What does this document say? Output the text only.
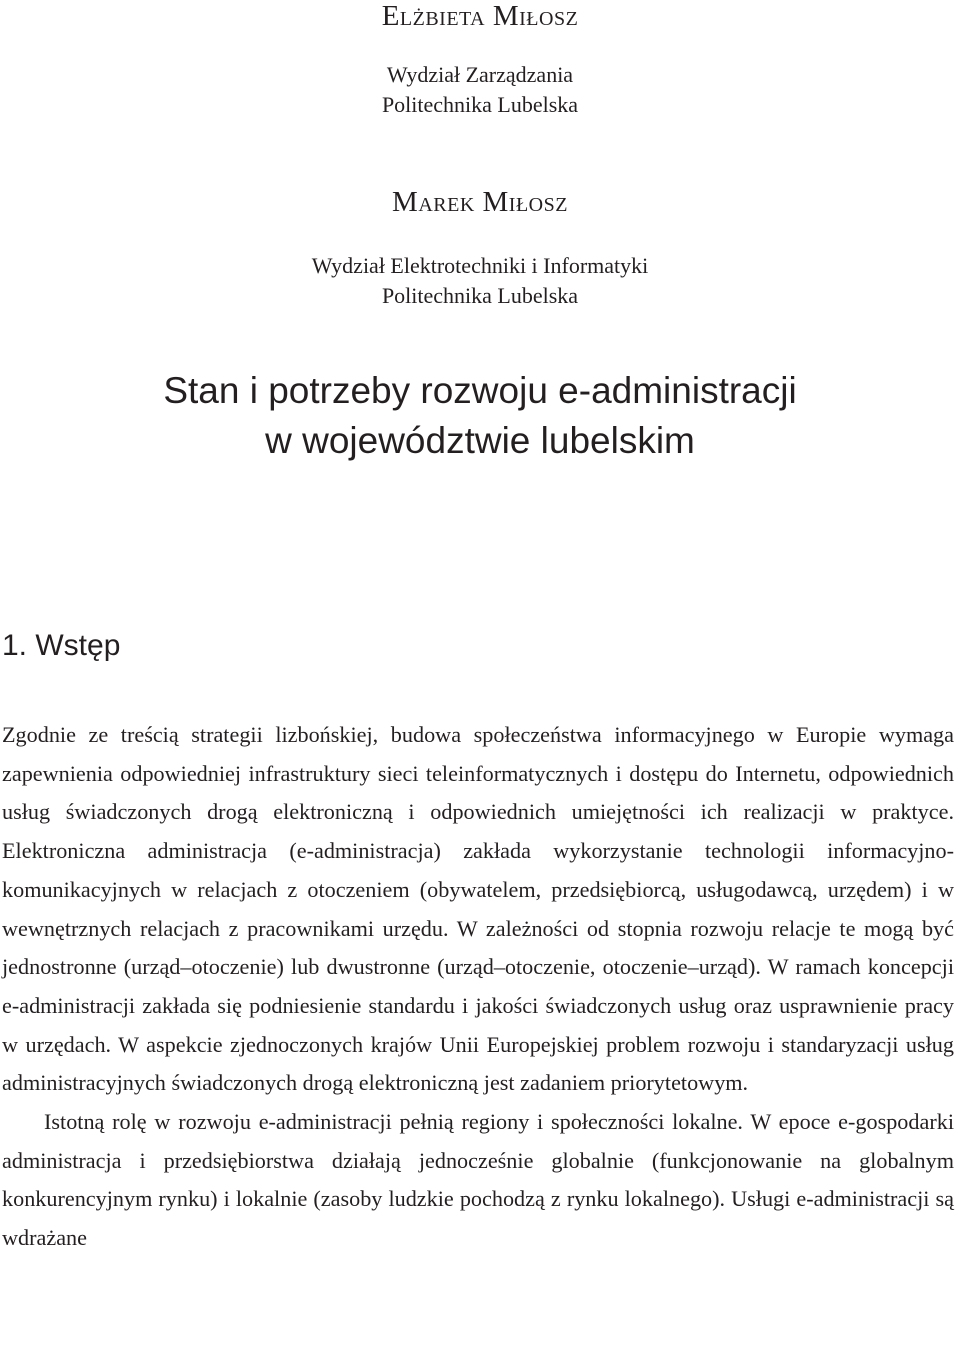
Elżbieta Miłosz

Wydział Zarządzania

Politechnika Lubelska

Marek Miłosz

Wydział Elektrotechniki i Informatyki

Politechnika Lubelska

Stan i potrzeby rozwoju e-administracji
w województwie lubelskim
1. Wstęp

Zgodnie ze treścią strategii lizbońskiej, budowa społeczeństwa informacyjnego w Europie wymaga zapewnienia odpowiedniej infrastruktury sieci teleinformatycznych i dostępu do Internetu, odpowiednich usług świadczonych drogą elektroniczną i odpowiednich umiejętności ich realizacji w praktyce. Elektroniczna administracja (e-administracja) zakłada wykorzystanie technologii informacyjno-komunikacyjnych w relacjach z otoczeniem (obywatelem, przedsiębiorcą, usługodawcą, urzędem) i w wewnętrznych relacjach z pracownikami urzędu. W zależności od stopnia rozwoju relacje te mogą być jednostronne (urząd–otoczenie) lub dwustronne (urząd–otoczenie, otoczenie–urząd). W ramach koncepcji e-administracji zakłada się podniesienie standardu i jakości świadczonych usług oraz usprawnienie pracy w urzędach. W aspekcie zjednoczonych krajów Unii Europejskiej problem rozwoju i standaryzacji usług administracyjnych świadczonych drogą elektroniczną jest zadaniem priorytetowym.

Istotną rolę w rozwoju e-administracji pełnią regiony i społeczności lokalne. W epoce e-gospodarki administracja i przedsiębiorstwa działają jednocześnie globalnie (funkcjonowanie na globalnym konkurencyjnym rynku) i lokalnie (zasoby ludzkie pochodzą z rynku lokalnego). Usługi e-administracji są wdrażane
